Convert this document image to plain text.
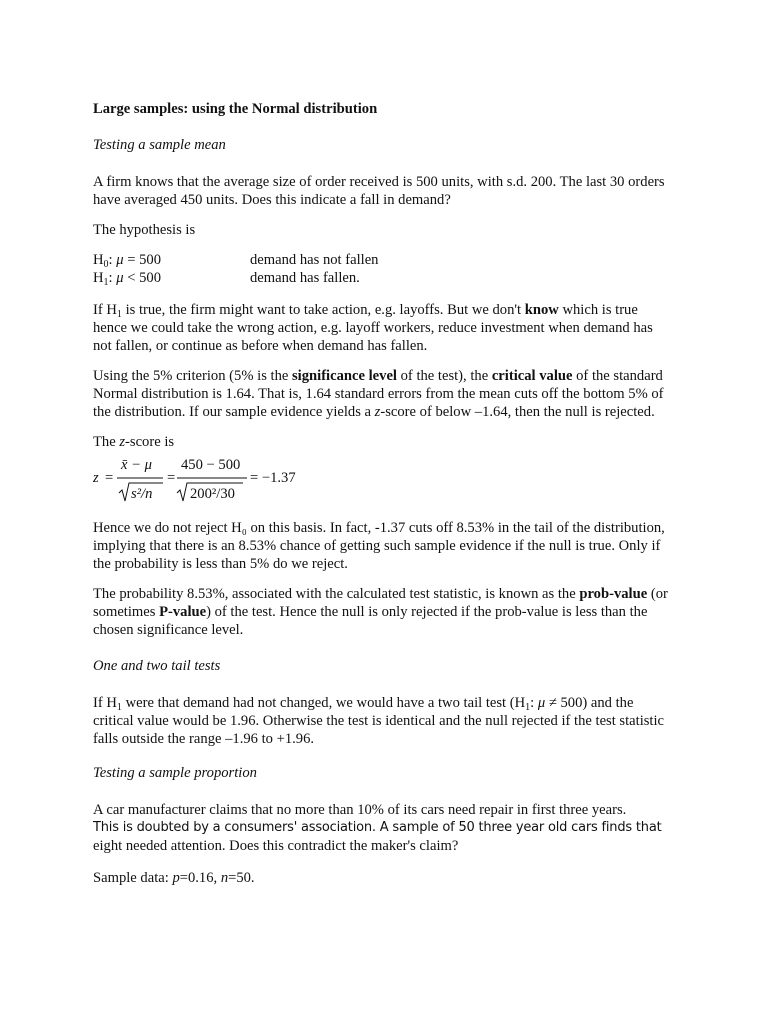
Large samples: using the Normal distribution

Testing a sample mean

A firm knows that the average size of order received is 500 units, with s.d. 200. The last 30 orders have averaged 450 units. Does this indicate a fall in demand?

The hypothesis is

$H_0$: μ = 500	demand has not fallen
$H_1$: μ < 500	demand has fallen.

If $H_1$ is true, the firm might want to take action, e.g. layoffs. But we don't know which is true hence we could take the wrong action, e.g. layoff workers, reduce investment when demand has not fallen, or continue as before when demand has fallen.

Using the 5% criterion (5% is the significance level of the test), the critical value of the standard Normal distribution is 1.64. That is, 1.64 standard errors from the mean cuts off the bottom 5% of the distribution. If our sample evidence yields a z-score of below –1.64, then the null is rejected.

The z-score is

z =
x̄ − μ
s²/n
=
450 − 500
200²/30
= −1.37

Hence we do not reject H₀ on this basis. In fact, -1.37 cuts off 8.53% in the tail of the distribution, implying that there is an 8.53% chance of getting such sample evidence if the null is true. Only if the probability is less than 5% do we reject.

The probability 8.53%, associated with the calculated test statistic, is known as the prob-value (or sometimes P-value) of the test. Hence the null is only rejected if the prob-value is less than the chosen significance level.

One and two tail tests

If $H_1$ were that demand had not changed, we would have a two tail test ($H_1$: μ ≠ 500) and the critical value would be 1.96. Otherwise the test is identical and the null rejected if the test statistic falls outside the range –1.96 to +1.96.

Testing a sample proportion

A car manufacturer claims that no more than 10% of its cars need repair in first three years.
This is doubted by a consumers' association. A sample of 50 three year old cars finds that
eight needed attention. Does this contradict the maker's claim?

Sample data: p=0.16, n=50.
